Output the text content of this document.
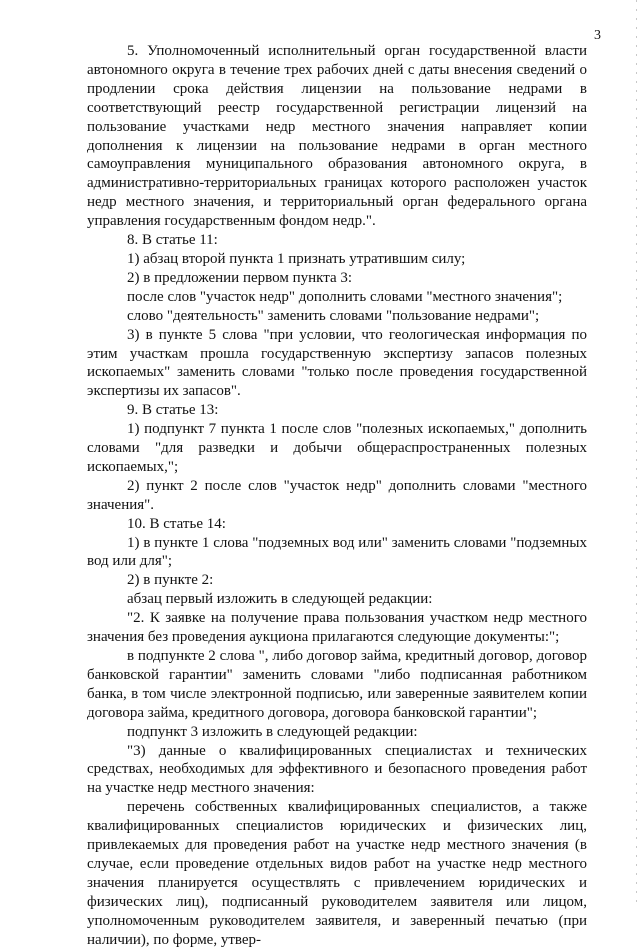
3

5. Уполномоченный исполнительный орган государственной власти автономного округа в течение трех рабочих дней с даты внесения сведений о продлении срока действия лицензии на пользование недрами в соответствующий реестр государственной регистрации лицензий на пользование участками недр местного значения направляет копии дополнения к лицензии на пользование недрами в орган местного самоуправления муниципального образования автономного округа, в административно-территориальных границах которого расположен участок недр местного значения, и территориальный орган федерального органа управления государственным фондом недр.".

8. В статье 11:

1) абзац второй пункта 1 признать утратившим силу;

2) в предложении первом пункта 3:

после слов "участок недр" дополнить словами "местного значения";

слово "деятельность" заменить словами "пользование недрами";

3) в пункте 5 слова "при условии, что геологическая информация по этим участкам прошла государственную экспертизу запасов полезных ископаемых" заменить словами "только после проведения государственной экспертизы их запасов".

9. В статье 13:

1) подпункт 7 пункта 1 после слов "полезных ископаемых," дополнить словами "для разведки и добычи общераспространенных полезных ископаемых,";

2) пункт 2 после слов "участок недр" дополнить словами "местного значения".

10. В статье 14:

1) в пункте 1 слова "подземных вод или" заменить словами "подземных вод или для";

2) в пункте 2:

абзац первый изложить в следующей редакции:

"2. К заявке на получение права пользования участком недр местного значения без проведения аукциона прилагаются следующие документы:";

в подпункте 2 слова ", либо договор займа, кредитный договор, договор банковской гарантии" заменить словами "либо подписанная работником банка, в том числе электронной подписью, или заверенные заявителем копии договора займа, кредитного договора, договора банковской гарантии";

подпункт 3 изложить в следующей редакции:

"3) данные о квалифицированных специалистах и технических средствах, необходимых для эффективного и безопасного проведения работ на участке недр местного значения:

перечень собственных квалифицированных специалистов, а также квалифицированных специалистов юридических и физических лиц, привлекаемых для проведения работ на участке недр местного значения (в случае, если проведение отдельных видов работ на участке недр местного значения планируется осуществлять с привлечением юридических и физических лиц), подписанный руководителем заявителя или лицом, уполномоченным руководителем заявителя, и заверенный печатью (при наличии), по форме, утвер-
